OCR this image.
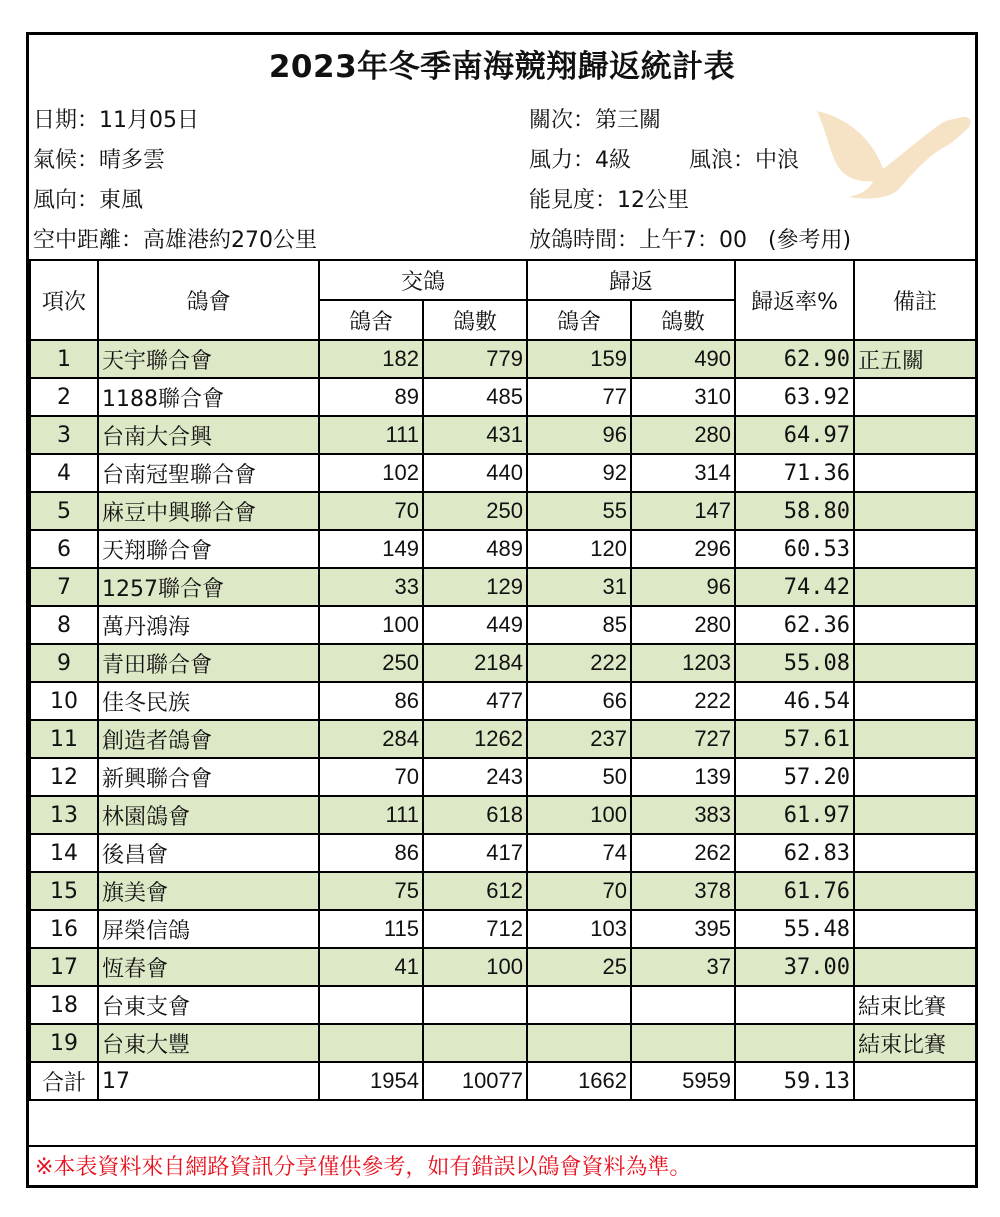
2023年冬季南海競翔歸返統計表
日期：11月05日	關次：第三關
氣候：晴多雲	風力：4級	風浪：中浪
風向：東風	能見度：12公里
空中距離：高雄港約270公里	放鴿時間：上午7：00   (參考用)
項次	鴿會	交鴿		歸返		歸返率%	備註
		鴿舍	鴿數	鴿舍	鴿數		
1	天宇聯合會	182	779	159	490	62.90	正五關
2	1188聯合會	89	485	77	310	63.92	
3	台南大合興	111	431	96	280	64.97	
4	台南冠聖聯合會	102	440	92	314	71.36	
5	麻豆中興聯合會	70	250	55	147	58.80	
6	天翔聯合會	149	489	120	296	60.53	
7	1257聯合會	33	129	31	96	74.42	
8	萬丹鴻海	100	449	85	280	62.36	
9	青田聯合會	250	2184	222	1203	55.08	
10	佳冬民族	86	477	66	222	46.54	
11	創造者鴿會	284	1262	237	727	57.61	
12	新興聯合會	70	243	50	139	57.20	
13	林園鴿會	111	618	100	383	61.97	
14	後昌會	86	417	74	262	62.83	
15	旗美會	75	612	70	378	61.76	
16	屏榮信鴿	115	712	103	395	55.48	
17	恆春會	41	100	25	37	37.00	
18	台東支會						結束比賽
19	台東大豐						結束比賽
合計	17	1954	10077	1662	5959	59.13	
※本表資料來自網路資訊分享僅供參考，如有錯誤以鴿會資料為準。
